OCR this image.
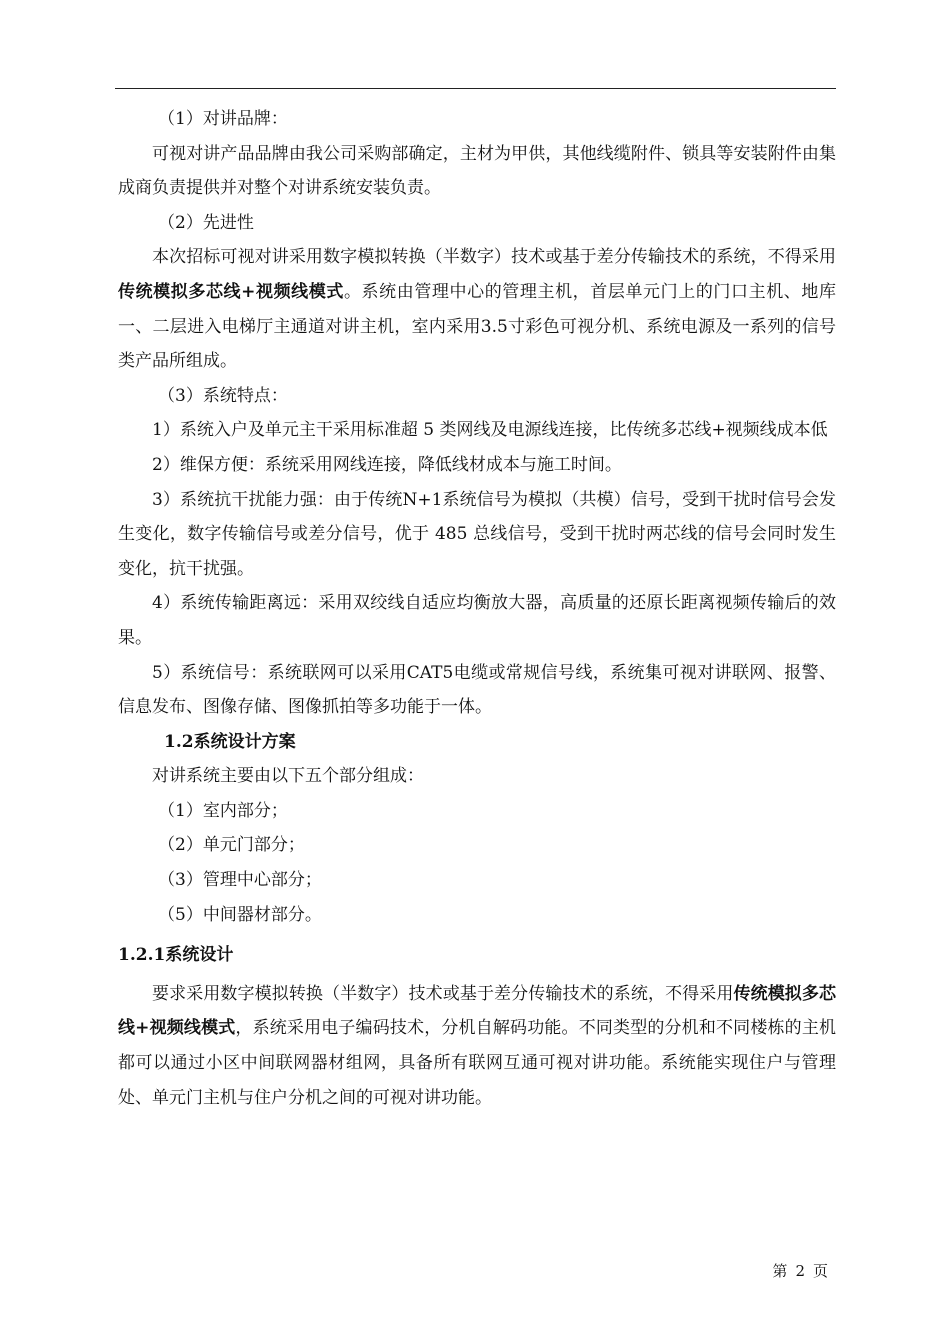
（1）对讲品牌：

可视对讲产品品牌由我公司采购部确定，主材为甲供，其他线缆附件、锁具等安装附件由集成商负责提供并对整个对讲系统安装负责。

（2）先进性

本次招标可视对讲采用数字模拟转换（半数字）技术或基于差分传输技术的系统，不得采用传统模拟多芯线+视频线模式。系统由管理中心的管理主机，首层单元门上的门口主机、地库一、二层进入电梯厅主通道对讲主机，室内采用3.5寸彩色可视分机、系统电源及一系列的信号类产品所组成。

（3）系统特点：

1）系统入户及单元主干采用标准超 5 类网线及电源线连接，比传统多芯线+视频线成本低

2）维保方便：系统采用网线连接，降低线材成本与施工时间。

3）系统抗干扰能力强：由于传统N+1系统信号为模拟（共模）信号，受到干扰时信号会发生变化，数字传输信号或差分信号，优于 485 总线信号，受到干扰时两芯线的信号会同时发生变化，抗干扰强。

4）系统传输距离远：采用双绞线自适应均衡放大器，高质量的还原长距离视频传输后的效果。

5）系统信号：系统联网可以采用CAT5电缆或常规信号线，系统集可视对讲联网、报警、信息发布、图像存储、图像抓拍等多功能于一体。

1.2系统设计方案

对讲系统主要由以下五个部分组成：

（1）室内部分；

（2）单元门部分；

（3）管理中心部分；

（5）中间器材部分。

1.2.1系统设计

要求采用数字模拟转换（半数字）技术或基于差分传输技术的系统，不得采用传统模拟多芯线+视频线模式，系统采用电子编码技术，分机自解码功能。不同类型的分机和不同楼栋的主机都可以通过小区中间联网器材组网，具备所有联网互通可视对讲功能。系统能实现住户与管理处、单元门主机与住户分机之间的可视对讲功能。

第 2 页
